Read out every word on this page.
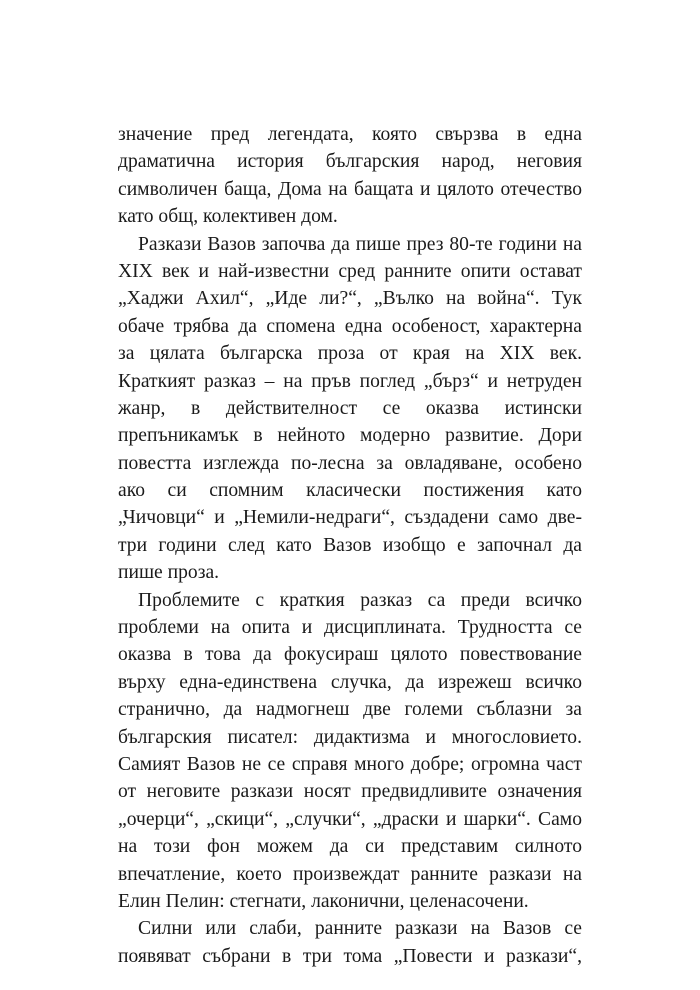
значение пред легендата, която свързва в една
драматична история българския народ, неговия
символичен баща, Дома на бащата и цялото отечество
като общ, колективен дом.
Разкази Вазов започва да пише през 80-те години на
XIX век и най-известни сред ранните опити остават
„Хаджи Ахил“, „Иде ли?“, „Вълко на война“. Тук
обаче трябва да спомена една особеност, характерна
за цялата българска проза от края на XIX век.
Краткият разказ – на пръв поглед „бърз“ и нетруден
жанр, в действителност се оказва истински
препъникамък в нейното модерно развитие. Дори
повестта изглежда по-лесна за овладяване, особено
ако си спомним класически постижения като
„Чичовци“ и „Немили-недраги“, създадени само две-
три години след като Вазов изобщо е започнал да
пише проза.
Проблемите с краткия разказ са преди всичко
проблеми на опита и дисциплината. Трудността се
оказва в това да фокусираш цялото повествование
върху една-единствена случка, да изрежеш всичко
странично, да надмогнеш две големи съблазни за
българския писател: дидактизма и многословието.
Самият Вазов не се справя много добре; огромна част
от неговите разкази носят предвидливите означения
„очерци“, „скици“, „случки“, „драски и шарки“. Само
на този фон можем да си представим силното
впечатление, което произвеждат ранните разкази на
Елин Пелин: стегнати, лаконични, целенасочени.
Силни или слаби, ранните разкази на Вазов се
появяват събрани в три тома „Повести и разкази“,
